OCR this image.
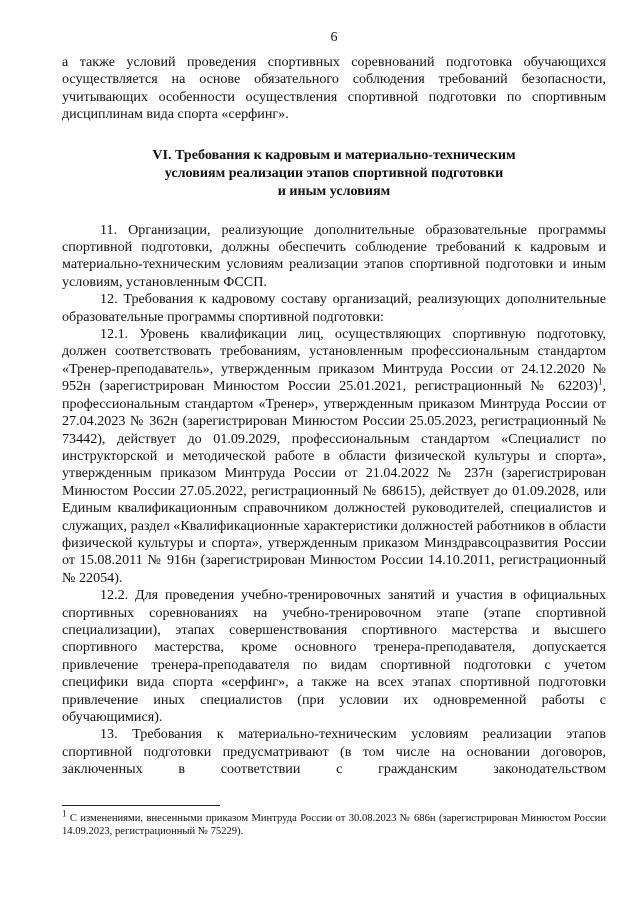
6

а также условий проведения спортивных соревнований подготовка обучающихся осуществляется на основе обязательного соблюдения требований безопасности, учитывающих особенности осуществления спортивной подготовки по спортивным дисциплинам вида спорта «серфинг».

VI. Требования к кадровым и материально-техническим
условиям реализации этапов спортивной подготовки
и иным условиям

11. Организации, реализующие дополнительные образовательные программы спортивной подготовки, должны обеспечить соблюдение требований к кадровым и материально-техническим условиям реализации этапов спортивной подготовки и иным условиям, установленным ФССП.

12. Требования к кадровому составу организаций, реализующих дополнительные образовательные программы спортивной подготовки:

12.1. Уровень квалификации лиц, осуществляющих спортивную подготовку, должен соответствовать требованиям, установленным профессиональным стандартом «Тренер-преподаватель», утвержденным приказом Минтруда России от 24.12.2020 № 952н (зарегистрирован Минюстом России 25.01.2021, регистрационный № 62203)$^1$, профессиональным стандартом «Тренер», утвержденным приказом Минтруда России от 27.04.2023 № 362н (зарегистрирован Минюстом России 25.05.2023, регистрационный № 73442), действует до 01.09.2029, профессиональным стандартом «Специалист по инструкторской и методической работе в области физической культуры и спорта», утвержденным приказом Минтруда России от 21.04.2022 № 237н (зарегистрирован Минюстом России 27.05.2022, регистрационный № 68615), действует до 01.09.2028, или Единым квалификационным справочником должностей руководителей, специалистов и служащих, раздел «Квалификационные характеристики должностей работников в области физической культуры и спорта», утвержденным приказом Минздравсоцразвития России от 15.08.2011 № 916н (зарегистрирован Минюстом России 14.10.2011, регистрационный № 22054).

12.2. Для проведения учебно-тренировочных занятий и участия в официальных спортивных соревнованиях на учебно-тренировочном этапе (этапе спортивной специализации), этапах совершенствования спортивного мастерства и высшего спортивного мастерства, кроме основного тренера-преподавателя, допускается привлечение тренера-преподавателя по видам спортивной подготовки с учетом специфики вида спорта «серфинг», а также на всех этапах спортивной подготовки привлечение иных специалистов (при условии их одновременной работы с обучающимися).

13. Требования к материально-техническим условиям реализации этапов спортивной подготовки предусматривают (в том числе на основании договоров, заключенных в соответствии с гражданским законодательством

$^1$ С изменениями, внесенными приказом Минтруда России от 30.08.2023 № 686н (зарегистрирован Минюстом России 14.09.2023, регистрационный № 75229).
